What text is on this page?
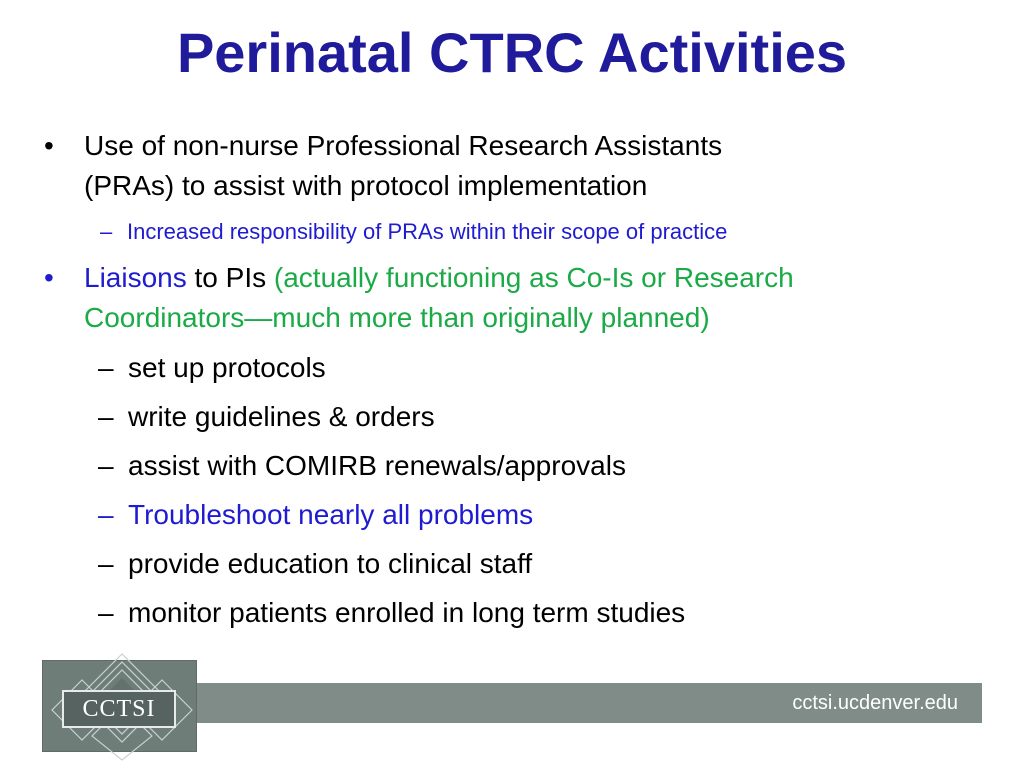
Perinatal CTRC Activities
• Use of non-nurse Professional Research Assistants
(PRAs) to assist with protocol implementation
– Increased responsibility of PRAs within their scope of practice
• Liaisons to PIs (actually functioning as Co-Is or Research
Coordinators—much more than originally planned)
– set up protocols
– write guidelines & orders
– assist with COMIRB renewals/approvals
– Troubleshoot nearly all problems
– provide education to clinical staff
– monitor patients enrolled in long term studies
cctsi.ucdenver.edu
CCTSI
